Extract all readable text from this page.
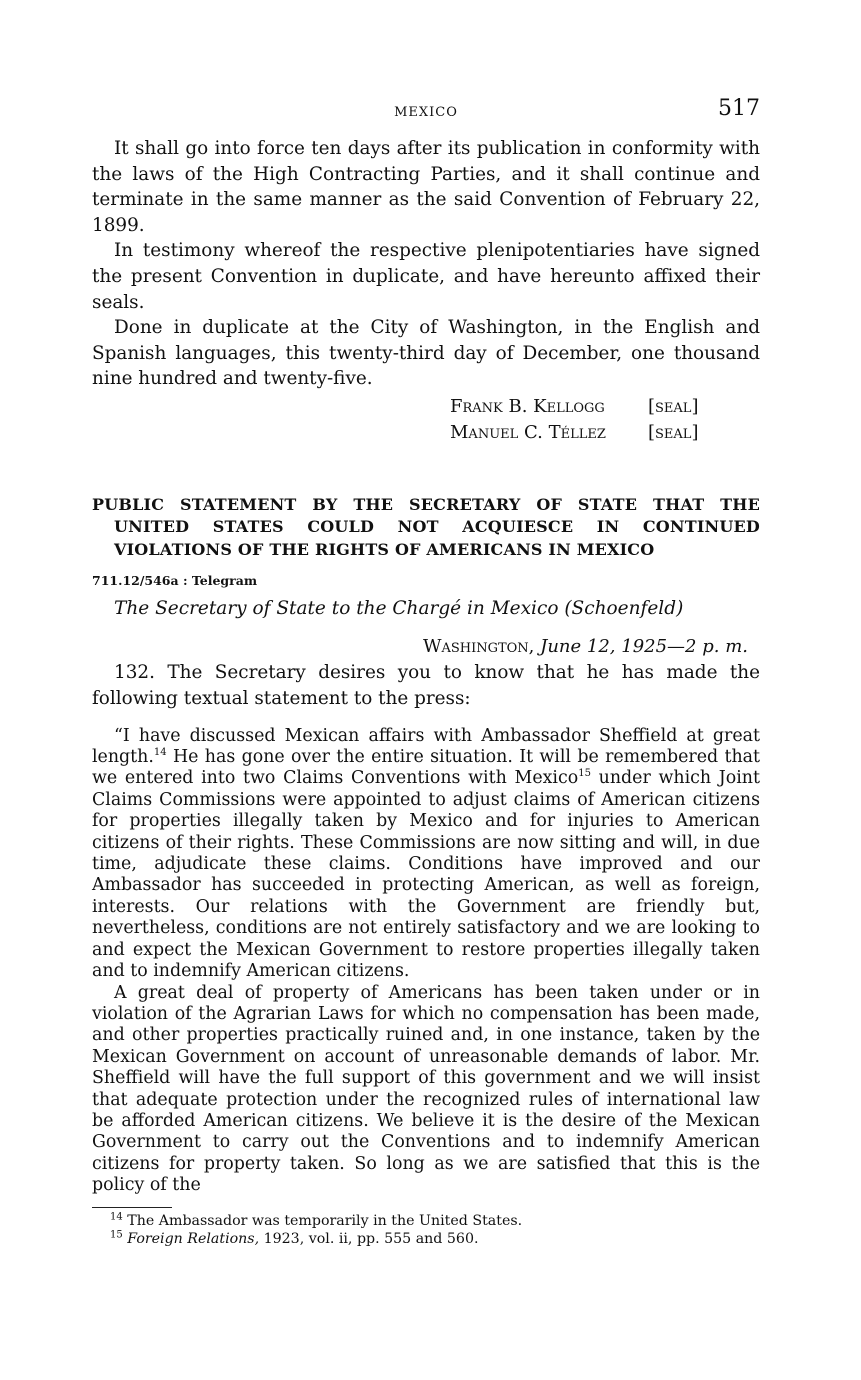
MEXICO	517

It shall go into force ten days after its publication in conformity with the laws of the High Contracting Parties, and it shall continue and terminate in the same manner as the said Convention of February 22, 1899.

In testimony whereof the respective plenipotentiaries have signed the present Convention in duplicate, and have hereunto affixed their seals.

Done in duplicate at the City of Washington, in the English and Spanish languages, this twenty-third day of December, one thousand nine hundred and twenty-five.

Frank B. Kellogg	[seal]
Manuel C. Téllez	[seal]
PUBLIC STATEMENT BY THE SECRETARY OF STATE THAT THE UNITED STATES COULD NOT ACQUIESCE IN CONTINUED VIOLATIONS OF THE RIGHTS OF AMERICANS IN MEXICO
711.12/546a : Telegram
The Secretary of State to the Chargé in Mexico (Schoenfeld)
Washington, June 12, 1925—2 p. m.

132. The Secretary desires you to know that he has made the following textual statement to the press:

“I have discussed Mexican affairs with Ambassador Sheffield at great length.$^{14}$ He has gone over the entire situation. It will be remembered that we entered into two Claims Conventions with Mexico$^{15}$ under which Joint Claims Commissions were appointed to adjust claims of American citizens for properties illegally taken by Mexico and for injuries to American citizens of their rights. These Commissions are now sitting and will, in due time, adjudicate these claims. Conditions have improved and our Ambassador has succeeded in protecting American, as well as foreign, interests. Our relations with the Government are friendly but, nevertheless, conditions are not entirely satisfactory and we are looking to and expect the Mexican Government to restore properties illegally taken and to indemnify American citizens.

A great deal of property of Americans has been taken under or in violation of the Agrarian Laws for which no compensation has been made, and other properties practically ruined and, in one instance, taken by the Mexican Government on account of unreasonable demands of labor. Mr. Sheffield will have the full support of this government and we will insist that adequate protection under the recognized rules of international law be afforded American citizens. We believe it is the desire of the Mexican Government to carry out the Conventions and to indemnify American citizens for property taken. So long as we are satisfied that this is the policy of the

$^{14}$ The Ambassador was temporarily in the United States.
$^{15}$ Foreign Relations, 1923, vol. ii, pp. 555 and 560.
